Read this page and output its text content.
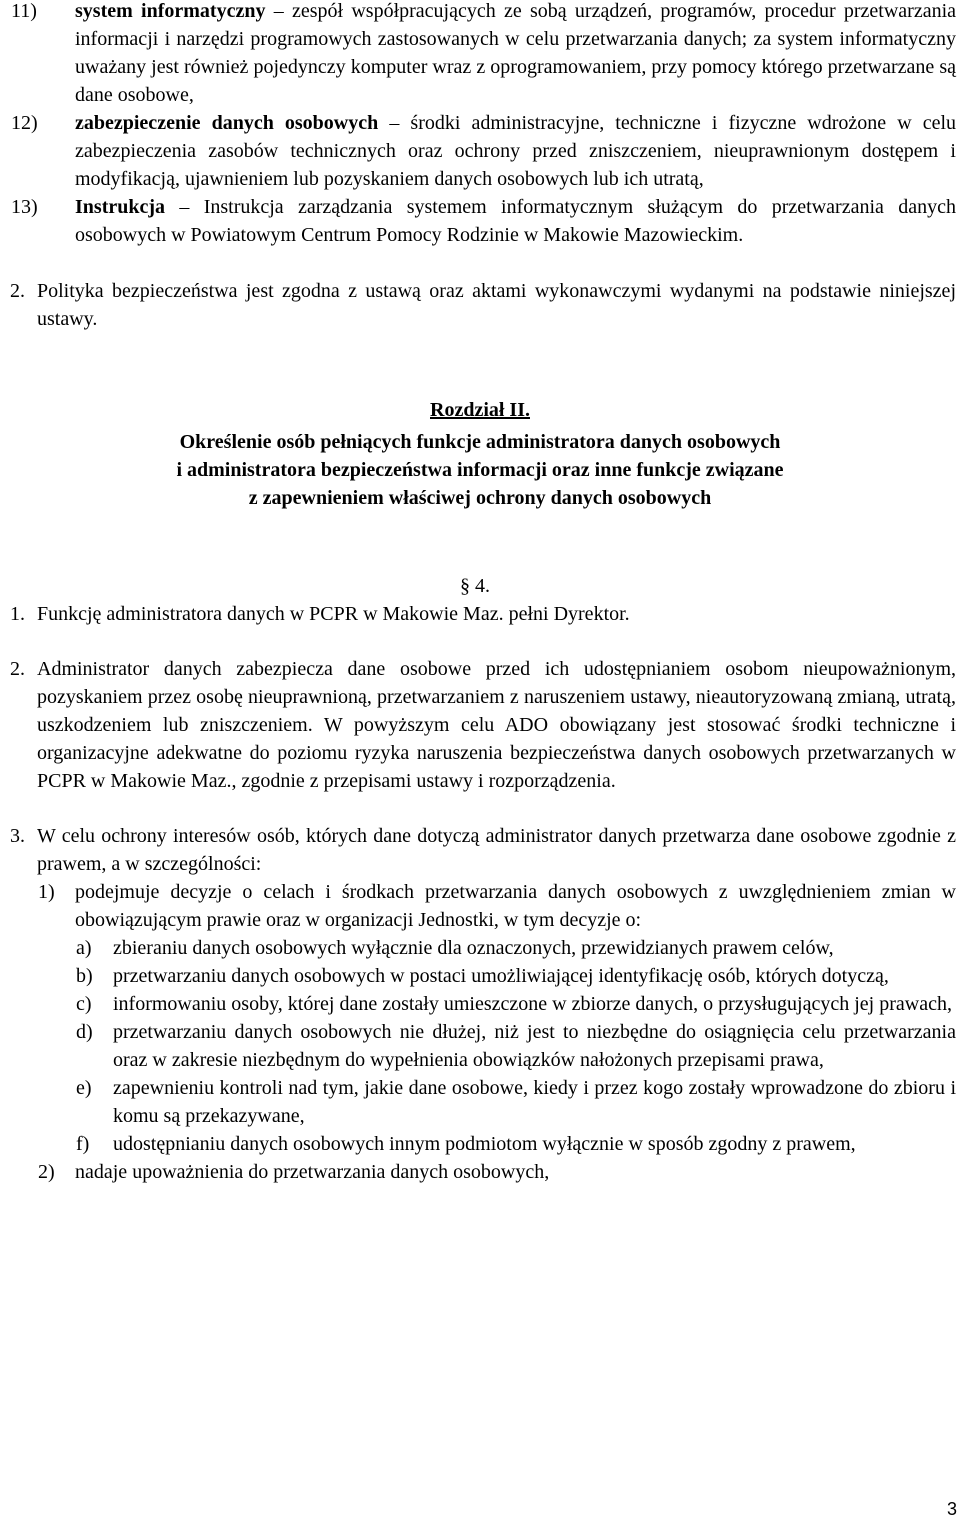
11) system informatyczny – zespół współpracujących ze sobą urządzeń, programów, procedur przetwarzania informacji i narzędzi programowych zastosowanych w celu przetwarzania danych; za system informatyczny uważany jest również pojedynczy komputer wraz z oprogramowaniem, przy pomocy którego przetwarzane są dane osobowe,

12) zabezpieczenie danych osobowych – środki administracyjne, techniczne i fizyczne wdrożone w celu zabezpieczenia zasobów technicznych oraz ochrony przed zniszczeniem, nieuprawnionym dostępem i modyfikacją, ujawnieniem lub pozyskaniem danych osobowych lub ich utratą,

13) Instrukcja – Instrukcja zarządzania systemem informatycznym służącym do przetwarzania danych osobowych w Powiatowym Centrum Pomocy Rodzinie w Makowie Mazowieckim.

2. Polityka bezpieczeństwa jest zgodna z ustawą oraz aktami wykonawczymi wydanymi na podstawie niniejszej ustawy.

Rozdział II.

Określenie osób pełniących funkcje administratora danych osobowych

i administratora bezpieczeństwa informacji oraz inne funkcje związane

z zapewnieniem właściwej ochrony danych osobowych

§ 4.

1. Funkcję administratora danych w PCPR w Makowie Maz. pełni Dyrektor.

2. Administrator danych zabezpiecza dane osobowe przed ich udostępnianiem osobom nieupoważnionym, pozyskaniem przez osobę nieuprawnioną, przetwarzaniem z naruszeniem ustawy, nieautoryzowaną zmianą, utratą, uszkodzeniem lub zniszczeniem. W powyższym celu ADO obowiązany jest stosować środki techniczne i organizacyjne adekwatne do poziomu ryzyka naruszenia bezpieczeństwa danych osobowych przetwarzanych w PCPR w Makowie Maz., zgodnie z przepisami ustawy i rozporządzenia.

3. W celu ochrony interesów osób, których dane dotyczą administrator danych przetwarza dane osobowe zgodnie z prawem, a w szczególności:

1) podejmuje decyzje o celach i środkach przetwarzania danych osobowych z uwzględnieniem zmian w obowiązującym prawie oraz w organizacji Jednostki, w tym decyzje o:

a) zbieraniu danych osobowych wyłącznie dla oznaczonych, przewidzianych prawem celów,

b) przetwarzaniu danych osobowych w postaci umożliwiającej identyfikację osób, których dotyczą,

c) informowaniu osoby, której dane zostały umieszczone w zbiorze danych, o przysługujących jej prawach,

d) przetwarzaniu danych osobowych nie dłużej, niż jest to niezbędne do osiągnięcia celu przetwarzania oraz w zakresie niezbędnym do wypełnienia obowiązków nałożonych przepisami prawa,

e) zapewnieniu kontroli nad tym, jakie dane osobowe, kiedy i przez kogo zostały wprowadzone do zbioru i komu są przekazywane,

f) udostępnianiu danych osobowych innym podmiotom wyłącznie w sposób zgodny z prawem,

2) nadaje upoważnienia do przetwarzania danych osobowych,

3
